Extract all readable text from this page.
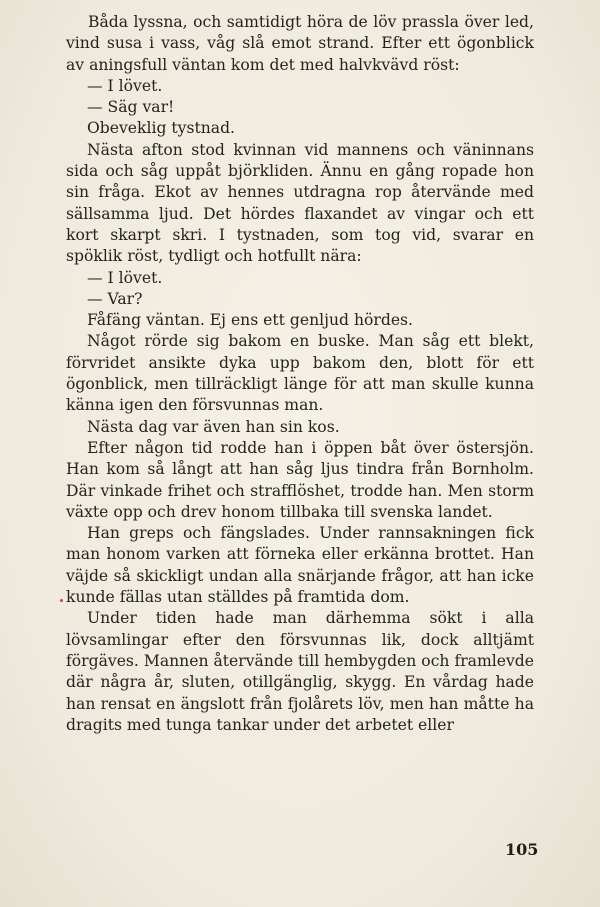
Båda lyssna, och samtidigt höra de löv prassla över led, vind susa i vass, våg slå emot strand. Efter ett ögonblick av aningsfull väntan kom det med halvkvävd röst:

— I lövet.

— Säg var!

Obeveklig tystnad.

Nästa afton stod kvinnan vid mannens och väninnans sida och såg uppåt björkliden. Ännu en gång ropade hon sin fråga. Ekot av hennes utdragna rop återvände med sällsamma ljud. Det hördes flaxandet av vingar och ett kort skarpt skri. I tystnaden, som tog vid, svarar en spöklik röst, tydligt och hotfullt nära:

— I lövet.

— Var?

Fåfäng väntan. Ej ens ett genljud hördes.

Något rörde sig bakom en buske. Man såg ett blekt, förvridet ansikte dyka upp bakom den, blott för ett ögonblick, men tillräckligt länge för att man skulle kunna känna igen den försvunnas man.

Nästa dag var även han sin kos.

Efter någon tid rodde han i öppen båt över östersjön. Han kom så långt att han såg ljus tindra från Bornholm. Där vinkade frihet och strafflöshet, trodde han. Men storm växte opp och drev honom tillbaka till svenska landet.

Han greps och fängslades. Under rannsakningen fick man honom varken att förneka eller erkänna brottet. Han väjde så skickligt undan alla snärjande frågor, att han icke kunde fällas utan ställdes på framtida dom.

Under tiden hade man därhemma sökt i alla lövsamlingar efter den försvunnas lik, dock alltjämt förgäves. Mannen återvände till hembygden och framlevde där några år, sluten, otillgänglig, skygg. En vårdag hade han rensat en ängslott från fjolårets löv, men han måtte ha dragits med tunga tankar under det arbetet eller

105
